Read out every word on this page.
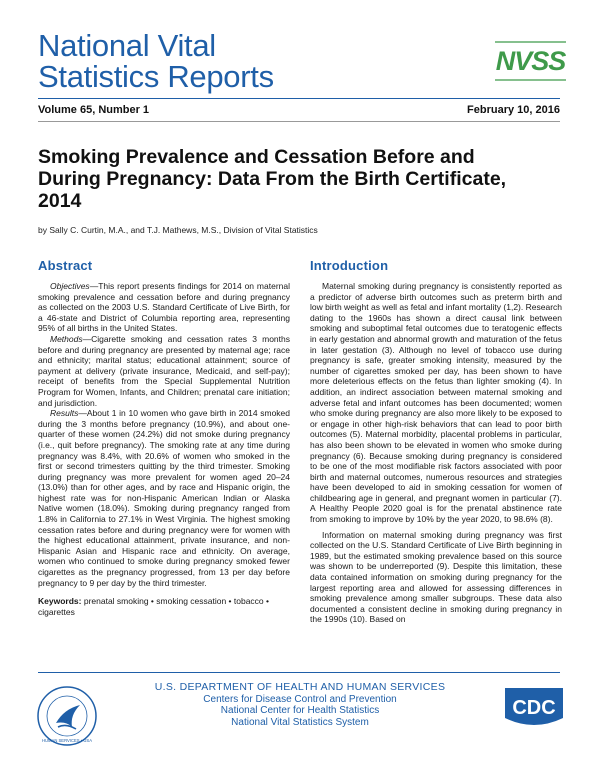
National Vital
Statistics Reports	NVSS
Volume 65, Number 1	February 10, 2016
Smoking Prevalence and Cessation Before and During Pregnancy: Data From the Birth Certificate, 2014
by Sally C. Curtin, M.A., and T.J. Mathews, M.S., Division of Vital Statistics
Abstract

Objectives—This report presents findings for 2014 on maternal smoking prevalence and cessation before and during pregnancy as collected on the 2003 U.S. Standard Certificate of Live Birth, for a 46-state and District of Columbia reporting area, representing 95% of all births in the United States.

Methods—Cigarette smoking and cessation rates 3 months before and during pregnancy are presented by maternal age; race and ethnicity; marital status; educational attainment; source of payment at delivery (private insurance, Medicaid, and self-pay); receipt of benefits from the Special Supplemental Nutrition Program for Women, Infants, and Children; prenatal care initiation; and jurisdiction.

Results—About 1 in 10 women who gave birth in 2014 smoked during the 3 months before pregnancy (10.9%), and about one-quarter of these women (24.2%) did not smoke during pregnancy (i.e., quit before pregnancy). The smoking rate at any time during pregnancy was 8.4%, with 20.6% of women who smoked in the first or second trimesters quitting by the third trimester. Smoking during pregnancy was more prevalent for women aged 20–24 (13.0%) than for other ages, and by race and Hispanic origin, the highest rate was for non-Hispanic American Indian or Alaska Native women (18.0%). Smoking during pregnancy ranged from 1.8% in California to 27.1% in West Virginia. The highest smoking cessation rates before and during pregnancy were for women with the highest educational attainment, private insurance, and non-Hispanic Asian and Hispanic race and ethnicity. On average, women who continued to smoke during pregnancy smoked fewer cigarettes as the pregnancy progressed, from 13 per day before pregnancy to 9 per day by the third trimester.

Keywords: prenatal smoking • smoking cessation • tobacco • cigarettes
Introduction

Maternal smoking during pregnancy is consistently reported as a predictor of adverse birth outcomes such as preterm birth and low birth weight as well as fetal and infant mortality (1,2). Research dating to the 1960s has shown a direct causal link between smoking and suboptimal fetal outcomes due to teratogenic effects in early gestation and abnormal growth and maturation of the fetus in later gestation (3). Although no level of tobacco use during pregnancy is safe, greater smoking intensity, measured by the number of cigarettes smoked per day, has been shown to have more deleterious effects on the fetus than lighter smoking (4). In addition, an indirect association between maternal smoking and adverse fetal and infant outcomes has been documented; women who smoke during pregnancy are also more likely to be exposed to or engage in other high-risk behaviors that can lead to poor birth outcomes (5). Maternal morbidity, placental problems in particular, has also been shown to be elevated in women who smoke during pregnancy (6). Because smoking during pregnancy is considered to be one of the most modifiable risk factors associated with poor birth and maternal outcomes, numerous resources and strategies have been developed to aid in smoking cessation for women of childbearing age in general, and pregnant women in particular (7). A Healthy People 2020 goal is for the prenatal abstinence rate from smoking to improve by 10% by the year 2020, to 98.6% (8).

Information on maternal smoking during pregnancy was first collected on the U.S. Standard Certificate of Live Birth beginning in 1989, but the estimated smoking prevalence based on this source was shown to be underreported (9). Despite this limitation, these data contained information on smoking during pregnancy for the largest reporting area and allowed for assessing differences in smoking prevalence among smaller subgroups. These data also documented a consistent decline in smoking during pregnancy in the 1990s (10). Based on

HUMAN SERVICES • USA
U.S. DEPARTMENT OF HEALTH AND HUMAN SERVICES
Centers for Disease Control and Prevention
National Center for Health Statistics
National Vital Statistics System
CDC
